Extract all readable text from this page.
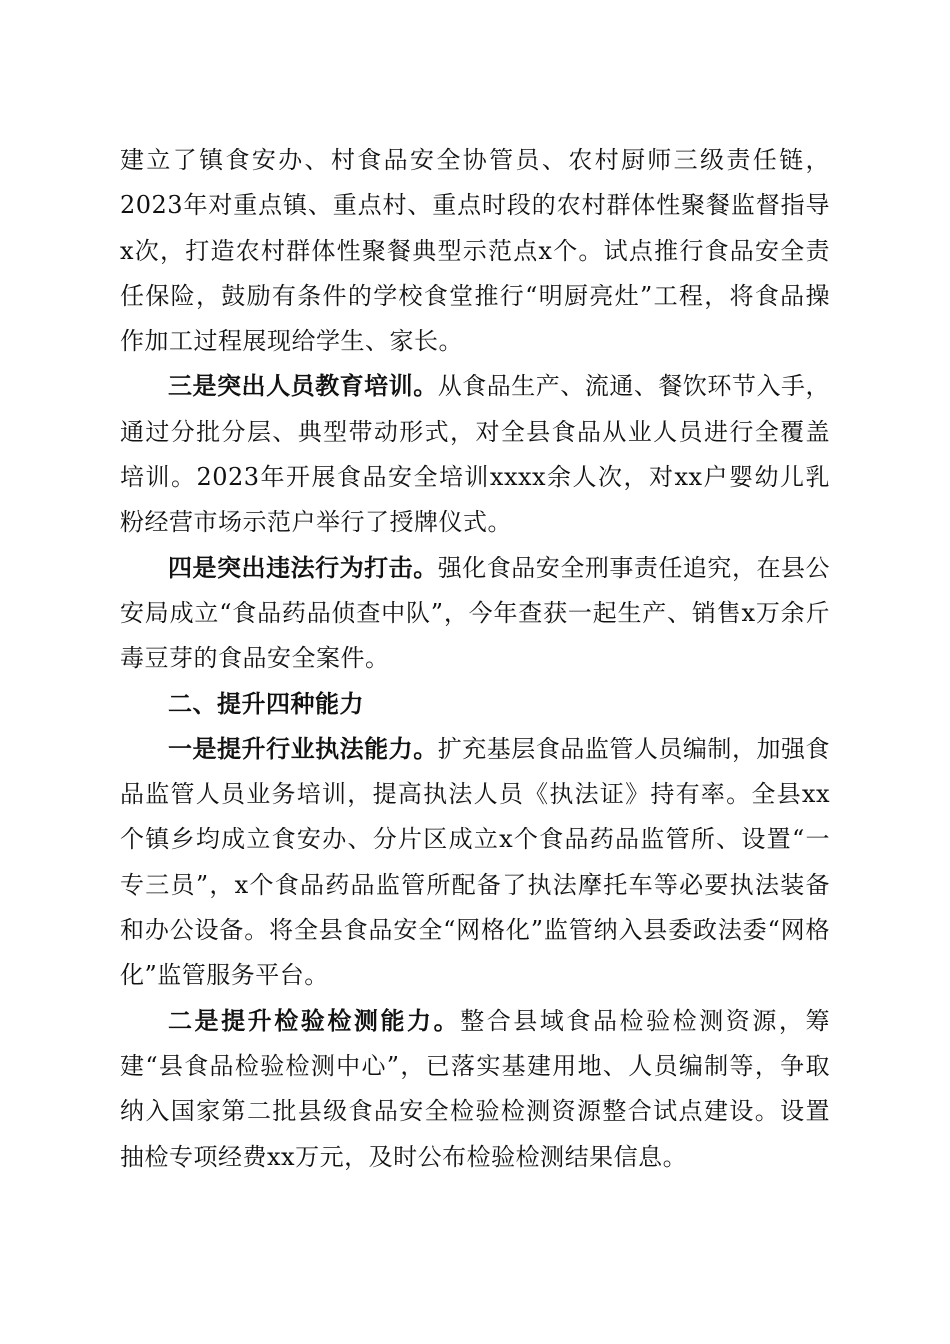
建立了镇食安办、村食品安全协管员、农村厨师三级责任链，2023年对重点镇、重点村、重点时段的农村群体性聚餐监督指导x次，打造农村群体性聚餐典型示范点x个。试点推行食品安全责任保险，鼓励有条件的学校食堂推行“明厨亮灶”工程，将食品操作加工过程展现给学生、家长。

三是突出人员教育培训。从食品生产、流通、餐饮环节入手，通过分批分层、典型带动形式，对全县食品从业人员进行全覆盖培训。2023年开展食品安全培训xxxx余人次，对xx户婴幼儿乳粉经营市场示范户举行了授牌仪式。

四是突出违法行为打击。强化食品安全刑事责任追究，在县公安局成立“食品药品侦查中队”，今年查获一起生产、销售x万余斤毒豆芽的食品安全案件。

二、提升四种能力

一是提升行业执法能力。扩充基层食品监管人员编制，加强食品监管人员业务培训，提高执法人员《执法证》持有率。全县xx个镇乡均成立食安办、分片区成立x个食品药品监管所、设置“一专三员”，x个食品药品监管所配备了执法摩托车等必要执法装备和办公设备。将全县食品安全“网格化”监管纳入县委政法委“网格化”监管服务平台。

二是提升检验检测能力。整合县域食品检验检测资源，筹建“县食品检验检测中心”，已落实基建用地、人员编制等，争取纳入国家第二批县级食品安全检验检测资源整合试点建设。设置抽检专项经费xx万元，及时公布检验检测结果信息。
